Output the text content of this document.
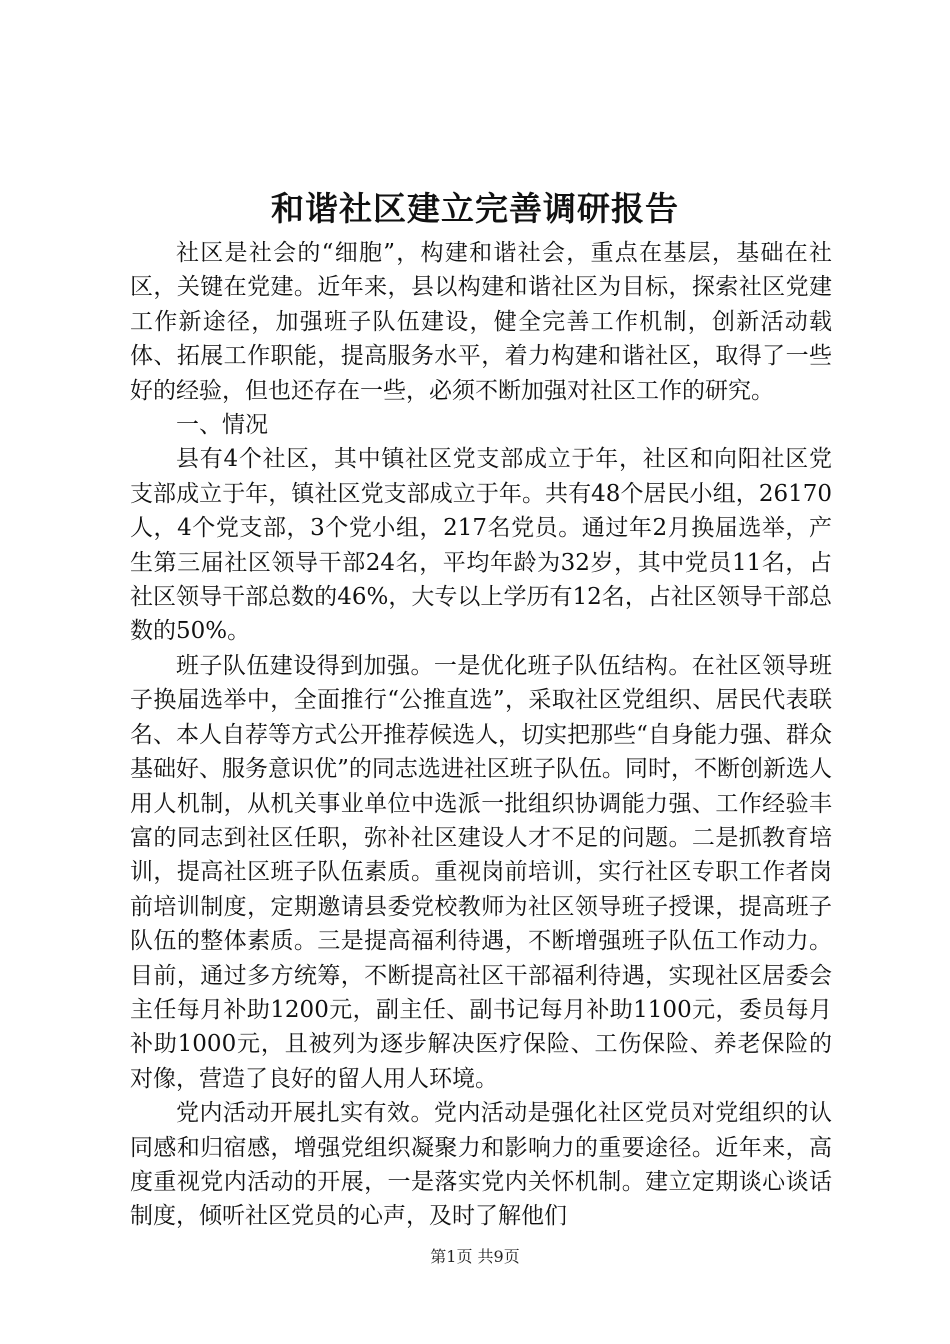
和谐社区建立完善调研报告

社区是社会的“细胞”，构建和谐社会，重点在基层，基础在社区，关键在党建。近年来，县以构建和谐社区为目标，探索社区党建工作新途径，加强班子队伍建设，健全完善工作机制，创新活动载体、拓展工作职能，提高服务水平，着力构建和谐社区，取得了一些好的经验，但也还存在一些，必须不断加强对社区工作的研究。

一、情况

县有4个社区，其中镇社区党支部成立于年，社区和向阳社区党支部成立于年，镇社区党支部成立于年。共有48个居民小组，26170人，4个党支部，3个党小组，217名党员。通过年2月换届选举，产生第三届社区领导干部24名，平均年龄为32岁，其中党员11名，占社区领导干部总数的46%，大专以上学历有12名，占社区领导干部总数的50%。

班子队伍建设得到加强。一是优化班子队伍结构。在社区领导班子换届选举中，全面推行“公推直选”，采取社区党组织、居民代表联名、本人自荐等方式公开推荐候选人，切实把那些“自身能力强、群众基础好、服务意识优”的同志选进社区班子队伍。同时，不断创新选人用人机制，从机关事业单位中选派一批组织协调能力强、工作经验丰富的同志到社区任职，弥补社区建设人才不足的问题。二是抓教育培训，提高社区班子队伍素质。重视岗前培训，实行社区专职工作者岗前培训制度，定期邀请县委党校教师为社区领导班子授课，提高班子队伍的整体素质。三是提高福利待遇，不断增强班子队伍工作动力。目前，通过多方统筹，不断提高社区干部福利待遇，实现社区居委会主任每月补助1200元，副主任、副书记每月补助1100元，委员每月补助1000元，且被列为逐步解决医疗保险、工伤保险、养老保险的对像，营造了良好的留人用人环境。

党内活动开展扎实有效。党内活动是强化社区党员对党组织的认同感和归宿感，增强党组织凝聚力和影响力的重要途径。近年来，高度重视党内活动的开展，一是落实党内关怀机制。建立定期谈心谈话制度，倾听社区党员的心声，及时了解他们

第1页 共9页
